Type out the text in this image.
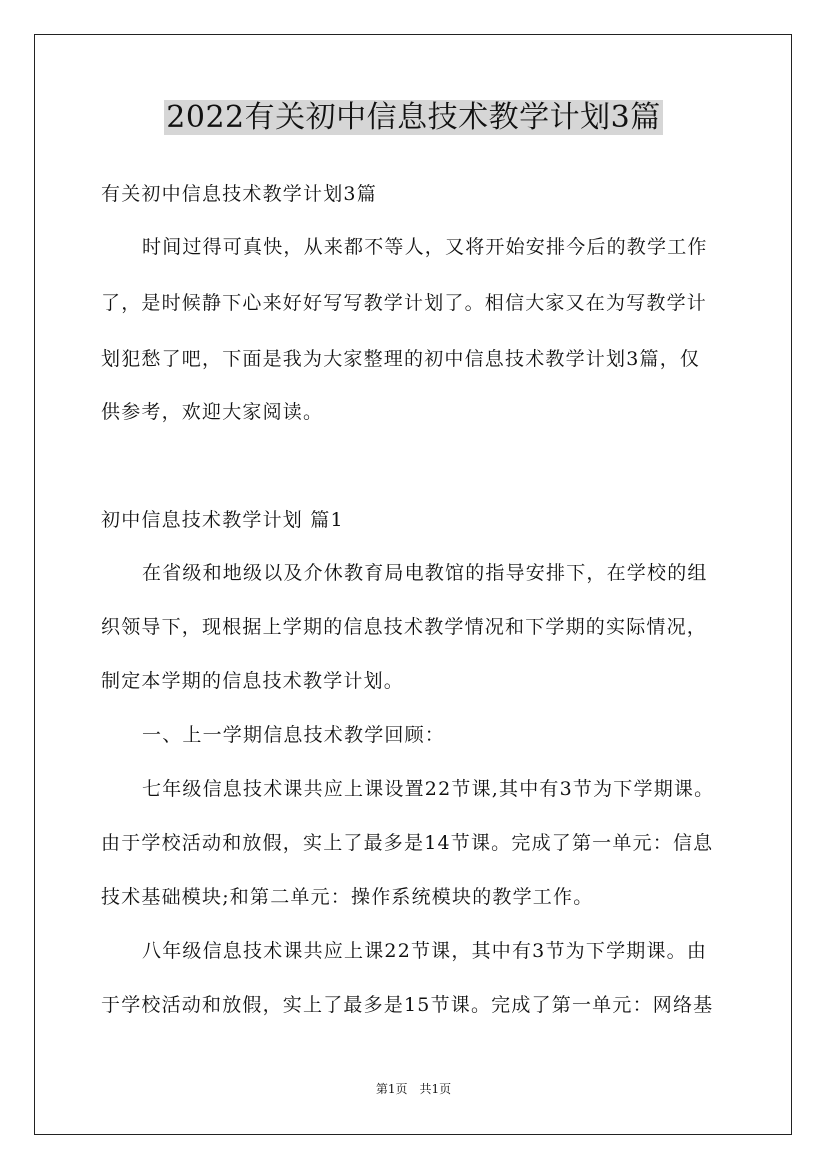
2022有关初中信息技术教学计划3篇
有关初中信息技术教学计划3篇
时间过得可真快，从来都不等人，又将开始安排今后的教学工作
了，是时候静下心来好好写写教学计划了。相信大家又在为写教学计
划犯愁了吧，下面是我为大家整理的初中信息技术教学计划3篇，仅
供参考，欢迎大家阅读。
初中信息技术教学计划 篇1
在省级和地级以及介休教育局电教馆的指导安排下，在学校的组
织领导下，现根据上学期的信息技术教学情况和下学期的实际情况，
制定本学期的信息技术教学计划。
一、上一学期信息技术教学回顾：
七年级信息技术课共应上课设置22节课,其中有3节为下学期课。
由于学校活动和放假，实上了最多是14节课。完成了第一单元：信息
技术基础模块;和第二单元：操作系统模块的教学工作。
八年级信息技术课共应上课22节课，其中有3节为下学期课。由
于学校活动和放假，实上了最多是15节课。完成了第一单元：网络基
第1页　共1页
